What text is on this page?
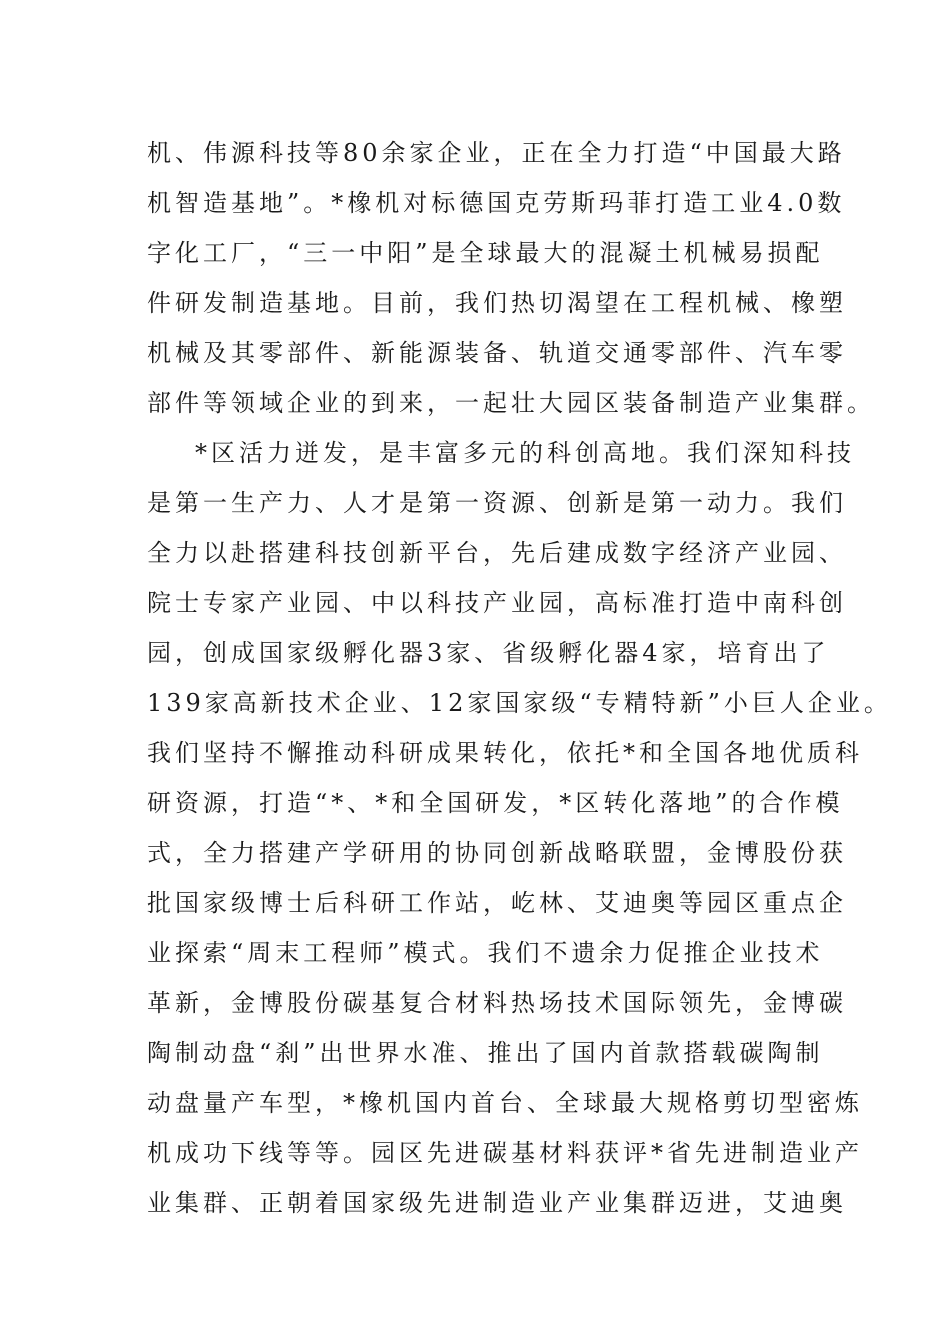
机、伟源科技等80余家企业，正在全力打造“中国最大路
机智造基地”。*橡机对标德国克劳斯玛菲打造工业4.0数
字化工厂，“三一中阳”是全球最大的混凝土机械易损配
件研发制造基地。目前，我们热切渴望在工程机械、橡塑
机械及其零部件、新能源装备、轨道交通零部件、汽车零
部件等领域企业的到来，一起壮大园区装备制造产业集群。
*区活力迸发，是丰富多元的科创高地。我们深知科技
是第一生产力、人才是第一资源、创新是第一动力。我们
全力以赴搭建科技创新平台，先后建成数字经济产业园、
院士专家产业园、中以科技产业园，高标准打造中南科创
园，创成国家级孵化器3家、省级孵化器4家，培育出了
139家高新技术企业、12家国家级“专精特新”小巨人企业。
我们坚持不懈推动科研成果转化，依托*和全国各地优质科
研资源，打造“*、*和全国研发，*区转化落地”的合作模
式，全力搭建产学研用的协同创新战略联盟，金博股份获
批国家级博士后科研工作站，屹林、艾迪奥等园区重点企
业探索“周末工程师”模式。我们不遗余力促推企业技术
革新，金博股份碳基复合材料热场技术国际领先，金博碳
陶制动盘“刹”出世界水准、推出了国内首款搭载碳陶制
动盘量产车型，*橡机国内首台、全球最大规格剪切型密炼
机成功下线等等。园区先进碳基材料获评*省先进制造业产
业集群、正朝着国家级先进制造业产业集群迈进，艾迪奥
